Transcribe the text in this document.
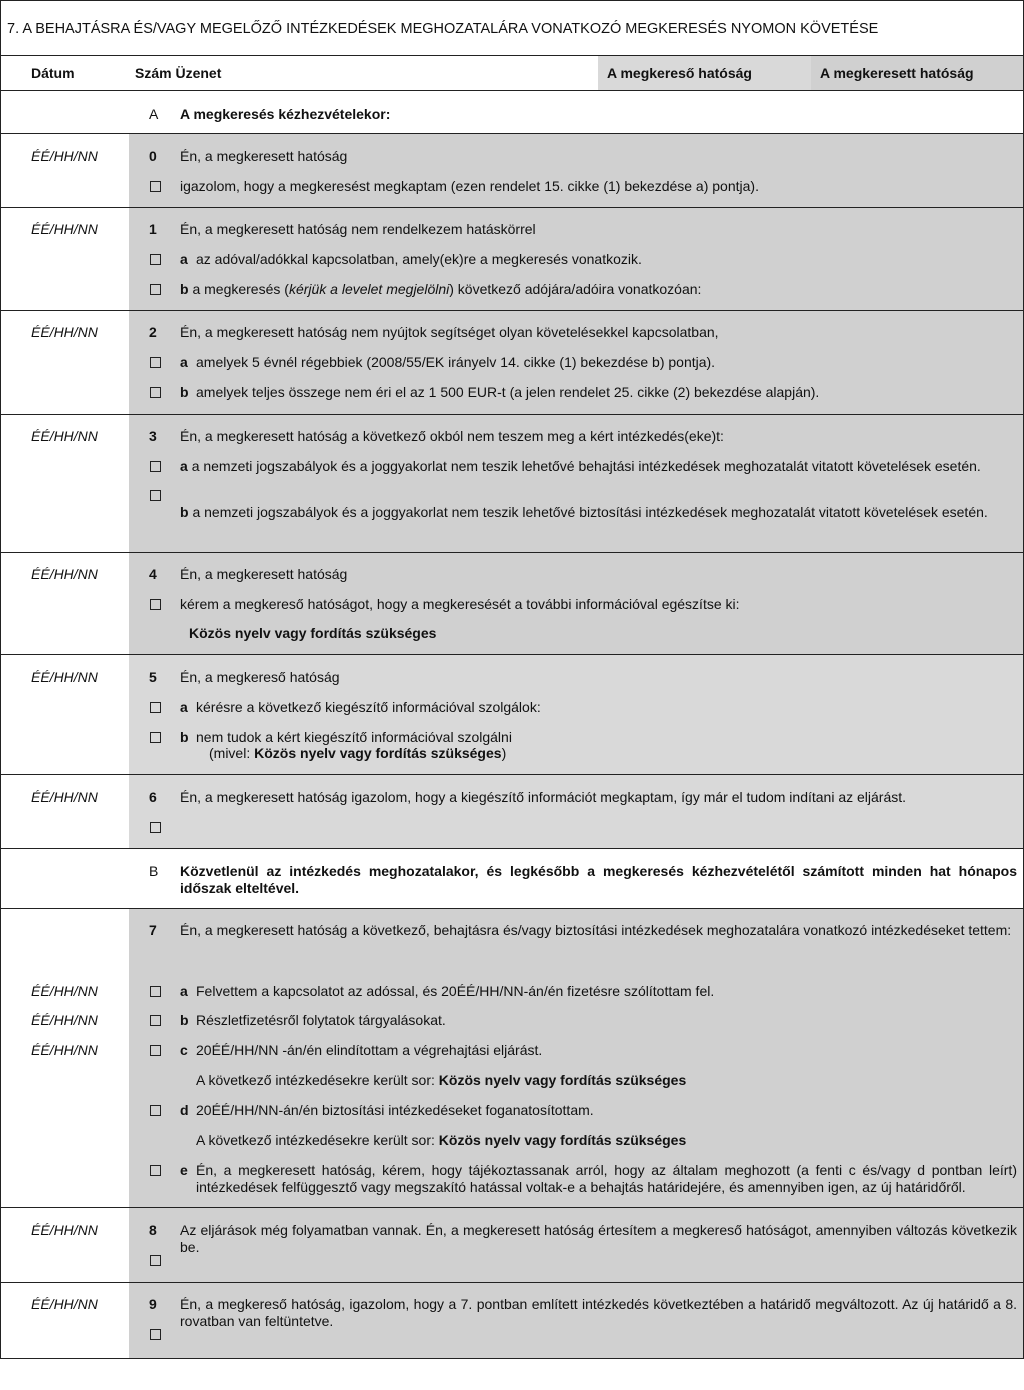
7. A BEHAJTÁSRA ÉS/VAGY MEGELŐZŐ INTÉZKEDÉSEK MEGHOZATALÁRA VONATKOZÓ MEGKERESÉS NYOMON KÖVETÉSE
Dátum	Szám Üzenet	A megkereső hatóság	A megkeresett hatóság
A A megkeresés kézhezvételekor:
ÉÉ/HH/NN	0 Én, a megkeresett hatóság
igazolom, hogy a megkeresést megkaptam (ezen rendelet 15. cikke (1) bekezdése a) pontja).
ÉÉ/HH/NN	1 Én, a megkeresett hatóság nem rendelkezem hatáskörrel
a az adóval/adókkal kapcsolatban, amely(ek)re a megkeresés vonatkozik.
b a megkeresés (kérjük a levelet megjelölni) következő adójára/adóira vonatkozóan:
ÉÉ/HH/NN	2 Én, a megkeresett hatóság nem nyújtok segítséget olyan követelésekkel kapcsolatban,
a amelyek 5 évnél régebbiek (2008/55/EK irányelv 14. cikke (1) bekezdése b) pontja).
b amelyek teljes összege nem éri el az 1 500 EUR-t (a jelen rendelet 25. cikke (2) bekezdése alapján).
ÉÉ/HH/NN	3 Én, a megkeresett hatóság a következő okból nem teszem meg a kért intézkedés(eke)t:
a a nemzeti jogszabályok és a joggyakorlat nem teszik lehetővé behajtási intézkedések meghozatalát vitatott követelések esetén.
b a nemzeti jogszabályok és a joggyakorlat nem teszik lehetővé biztosítási intézkedések meghozatalát vitatott követelések esetén.
ÉÉ/HH/NN	4 Én, a megkeresett hatóság
kérem a megkereső hatóságot, hogy a megkeresését a további információval egészítse ki:
Közös nyelv vagy fordítás szükséges
ÉÉ/HH/NN	5 Én, a megkereső hatóság
a kérésre a következő kiegészítő információval szolgálok:
b nem tudok a kért kiegészítő információval szolgálni
(mivel: Közös nyelv vagy fordítás szükséges)
ÉÉ/HH/NN	6 Én, a megkeresett hatóság igazolom, hogy a kiegészítő információt megkaptam, így már el tudom indítani az eljárást.
B Közvetlenül az intézkedés meghozatalakor, és legkésőbb a megkeresés kézhezvételétől számított minden hat hónapos időszak elteltével.
7 Én, a megkeresett hatóság a következő, behajtásra és/vagy biztosítási intézkedések meghozatalára vonatkozó intézkedéseket tettem:
ÉÉ/HH/NN	a Felvettem a kapcsolatot az adóssal, és 20ÉÉ/HH/NN-án/én fizetésre szólítottam fel.
ÉÉ/HH/NN	b Részletfizetésről folytatok tárgyalásokat.
ÉÉ/HH/NN	c 20ÉÉ/HH/NN -án/én elindítottam a végrehajtási eljárást.
A következő intézkedésekre került sor: Közös nyelv vagy fordítás szükséges
d 20ÉÉ/HH/NN-án/én biztosítási intézkedéseket foganatosítottam.
A következő intézkedésekre került sor: Közös nyelv vagy fordítás szükséges
e Én, a megkeresett hatóság, kérem, hogy tájékoztassanak arról, hogy az általam meghozott (a fenti c és/vagy d pontban leírt) intézkedések felfüggesztő vagy megszakító hatással voltak-e a behajtás határidejére, és amennyiben igen, az új határidőről.
ÉÉ/HH/NN	8 Az eljárások még folyamatban vannak. Én, a megkeresett hatóság értesítem a megkereső hatóságot, amennyiben változás következik be.
ÉÉ/HH/NN	9 Én, a megkereső hatóság, igazolom, hogy a 7. pontban említett intézkedés következtében a határidő megváltozott. Az új határidő a 8. rovatban van feltüntetve.
